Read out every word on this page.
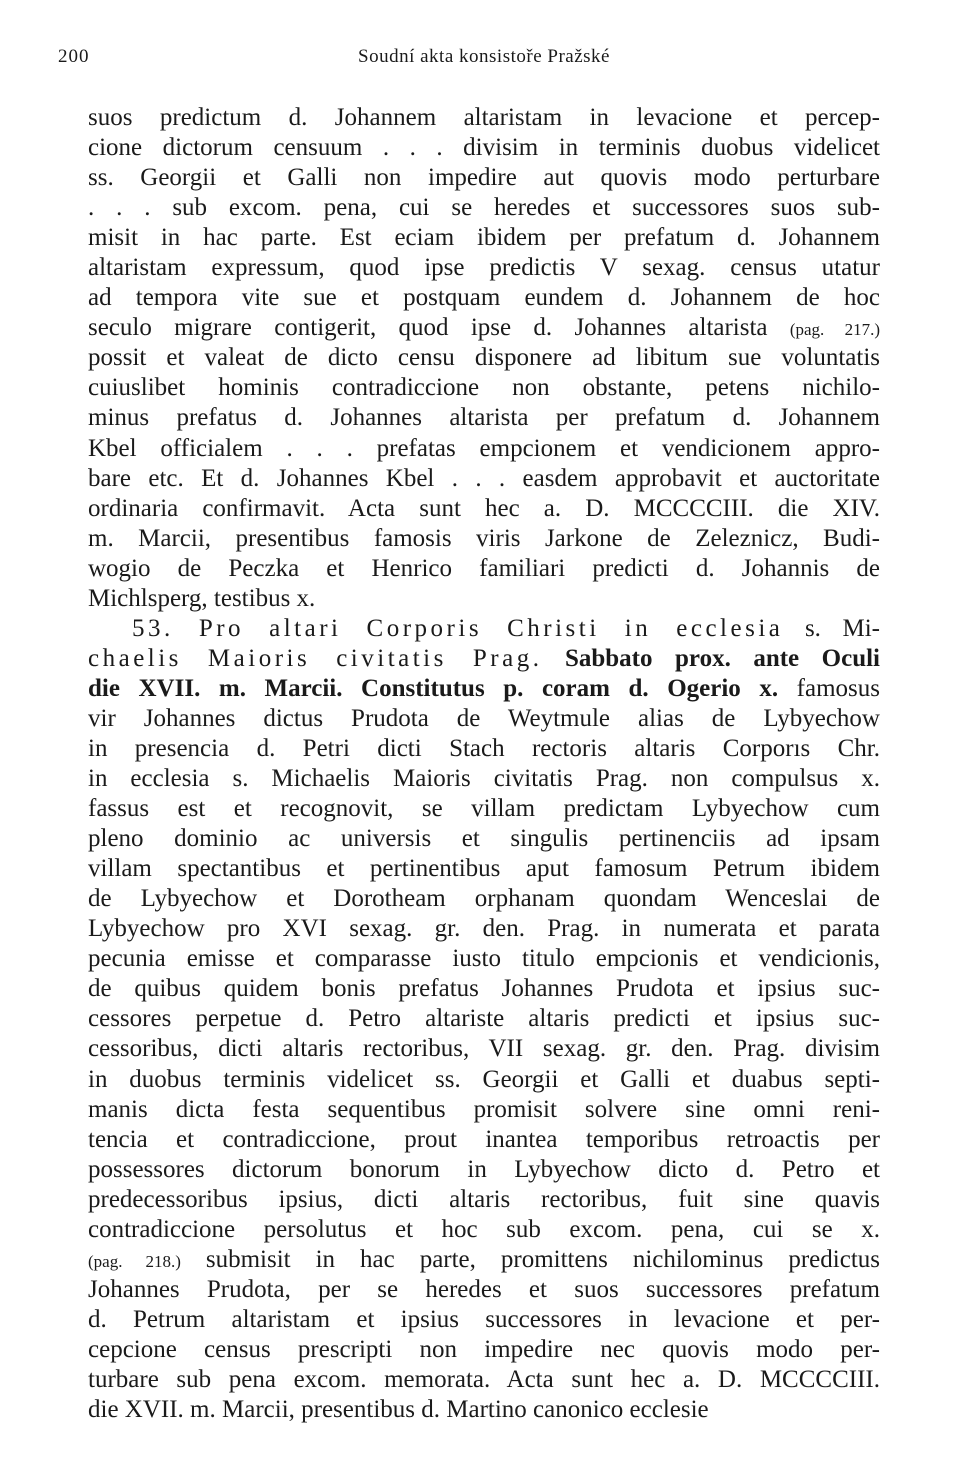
200	Soudní akta konsistoře Pražské
suos predictum d. Johannem altaristam in levacione et percep-
cione dictorum censuum . . . divisim in terminis duobus videlicet
ss. Georgii et Galli non impedire aut quovis modo perturbare
. . . sub excom. pena, cui se heredes et successores suos sub-
misit in hac parte. Est eciam ibidem per prefatum d. Johannem
altaristam expressum, quod ipse predictis V sexag. census utatur
ad tempora vite sue et postquam eundem d. Johannem de hoc
seculo migrare contigerit, quod ipse d. Johannes altarista (pag. 217.)
possit et valeat de dicto censu disponere ad libitum sue voluntatis
cuiuslibet hominis contradiccione non obstante, petens nichilo-
minus prefatus d. Johannes altarista per prefatum d. Johannem
Kbel officialem . . . prefatas empcionem et vendicionem appro-
bare etc. Et d. Johannes Kbel . . . easdem approbavit et auctoritate
ordinaria confirmavit. Acta sunt hec a. D. MCCCCIII. die XIV.
m. Marcii, presentibus famosis viris Jarkone de Zeleznicz, Budi-
wogio de Peczka et Henrico familiari predicti d. Johannis de
Michlsperg, testibus x.
53. Pro altari Corporis Christi in ecclesia s. Mi-
chaelis Maioris civitatis Prag. Sabbato prox. ante Oculi
die XVII. m. Marcii. Constitutus p. coram d. Ogerio x. famosus
vir Johannes dictus Prudota de Weytmule alias de Lybyechow
in presencia d. Petri dicti Stach rectoris altaris Corporıs Chr.
in ecclesia s. Michaelis Maioris civitatis Prag. non compulsus x.
fassus est et recognovit, se villam predictam Lybyechow cum
pleno dominio ac universis et singulis pertinenciis ad ipsam
villam spectantibus et pertinentibus aput famosum Petrum ibidem
de Lybyechow et Dorotheam orphanam quondam Wenceslai de
Lybyechow pro XVI sexag. gr. den. Prag. in numerata et parata
pecunia emisse et comparasse iusto titulo empcionis et vendicionis,
de quibus quidem bonis prefatus Johannes Prudota et ipsius suc-
cessores perpetue d. Petro altariste altaris predicti et ipsius suc-
cessoribus, dicti altaris rectoribus, VII sexag. gr. den. Prag. divisim
in duobus terminis videlicet ss. Georgii et Galli et duabus septi-
manis dicta festa sequentibus promisit solvere sine omni reni-
tencia et contradiccione, prout inantea temporibus retroactis per
possessores dictorum bonorum in Lybyechow dicto d. Petro et
predecessoribus ipsius, dicti altaris rectoribus, fuit sine quavis
contradiccione persolutus et hoc sub excom. pena, cui se x.
(pag. 218.) submisit in hac parte, promittens nichilominus predictus
Johannes Prudota, per se heredes et suos successores prefatum
d. Petrum altaristam et ipsius successores in levacione et per-
cepcione census prescripti non impedire nec quovis modo per-
turbare sub pena excom. memorata. Acta sunt hec a. D. MCCCCIII.
die XVII. m. Marcii, presentibus d. Martino canonico ecclesie
